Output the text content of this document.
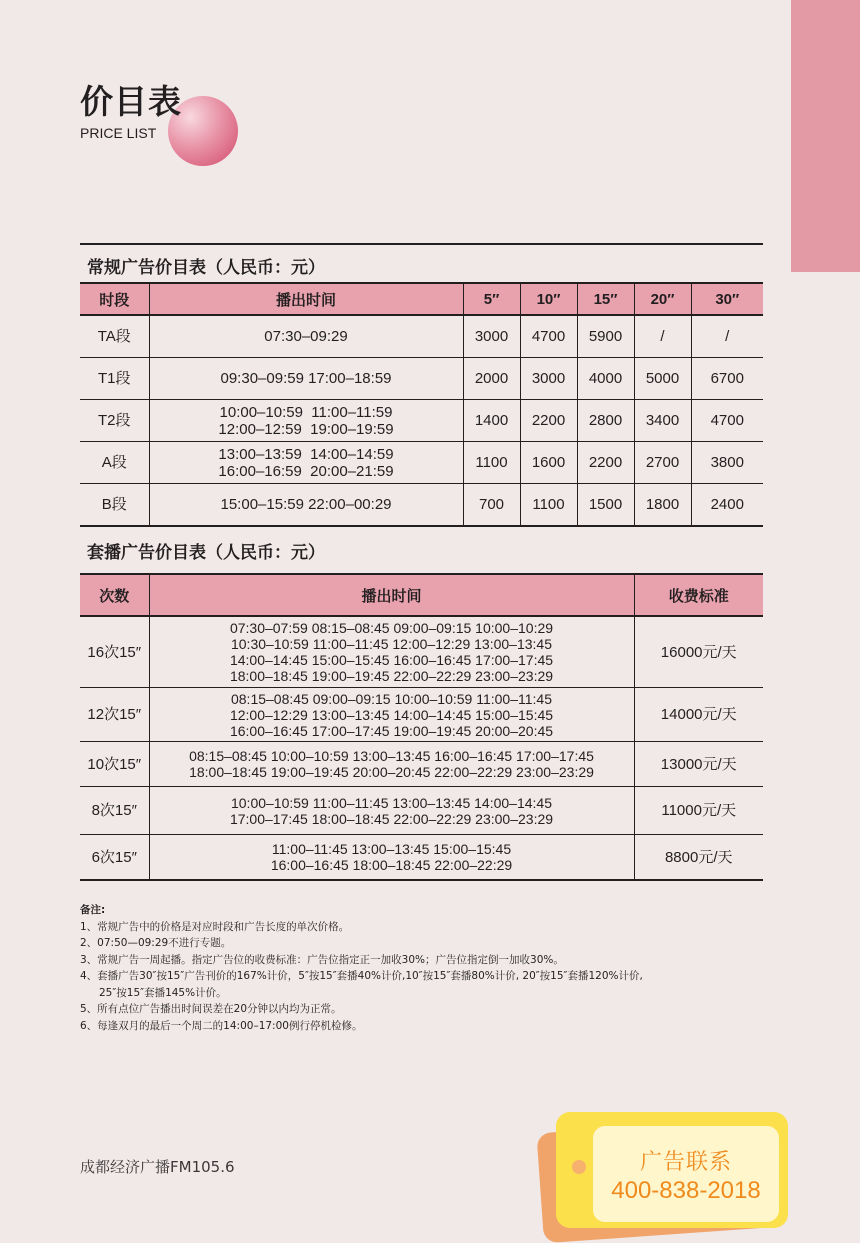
价目表
PRICE LIST
常规广告价目表（人民币：元）
时段	播出时间	5″	10″	15″	20″	30″
TA段	07:30–09:29	3000	4700	5900	/	/
T1段	09:30–09:59 17:00–18:59	2000	3000	4000	5000	6700
T2段	10:00–10:59  11:00–11:59
12:00–12:59  19:00–19:59	1400	2200	2800	3400	4700
A段	13:00–13:59  14:00–14:59
16:00–16:59  20:00–21:59	1100	1600	2200	2700	3800
B段	15:00–15:59 22:00–00:29	700	1100	1500	1800	2400
套播广告价目表（人民币：元）
次数	播出时间	收费标准
16次15″	07:30–07:59 08:15–08:45 09:00–09:15 10:00–10:29
10:30–10:59 11:00–11:45 12:00–12:29 13:00–13:45
14:00–14:45 15:00–15:45 16:00–16:45 17:00–17:45
18:00–18:45 19:00–19:45 22:00–22:29 23:00–23:29	16000元/天
12次15″	08:15–08:45 09:00–09:15 10:00–10:59 11:00–11:45
12:00–12:29 13:00–13:45 14:00–14:45 15:00–15:45
16:00–16:45 17:00–17:45 19:00–19:45 20:00–20:45	14000元/天
10次15″	08:15–08:45 10:00–10:59 13:00–13:45 16:00–16:45 17:00–17:45
18:00–18:45 19:00–19:45 20:00–20:45 22:00–22:29 23:00–23:29	13000元/天
8次15″	10:00–10:59 11:00–11:45 13:00–13:45 14:00–14:45
17:00–17:45 18:00–18:45 22:00–22:29 23:00–23:29	11000元/天
6次15″	11:00–11:45 13:00–13:45 15:00–15:45
16:00–16:45 18:00–18:45 22:00–22:29	8800元/天
备注:
1、常规广告中的价格是对应时段和广告长度的单次价格。
2、07:50—09:29不进行专题。
3、常规广告一周起播。指定广告位的收费标准：广告位指定正一加收30%；广告位指定倒一加收30%。
4、套播广告30″按15″广告刊价的167%计价，5″按15″套播40%计价,10″按15″套播80%计价, 20″按15″套播120%计价,
25″按15″套播145%计价。
5、所有点位广告播出时间误差在20分钟以内均为正常。
6、每逢双月的最后一个周二的14:00–17:00例行停机检修。
成都经济广播FM105.6	广告联系
400-838-2018
